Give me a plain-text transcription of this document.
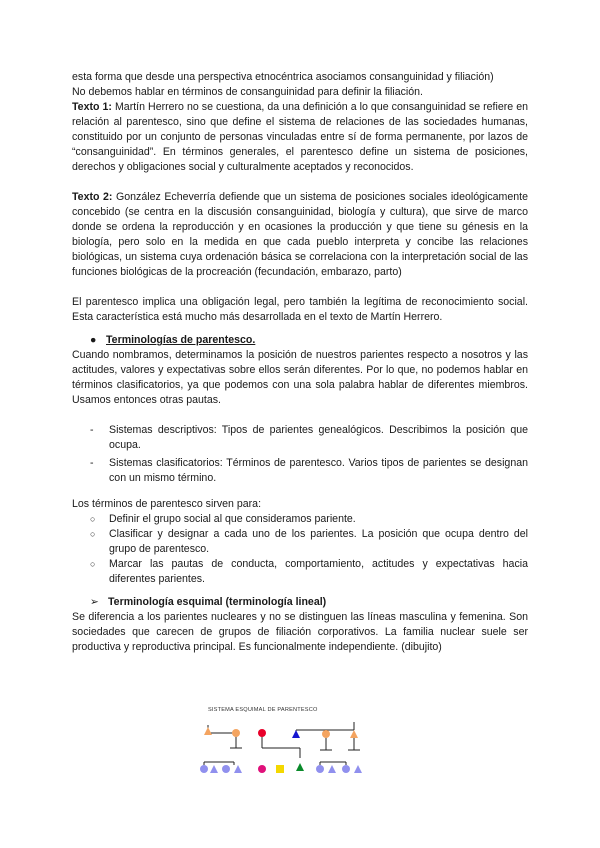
esta forma que desde una perspectiva etnocéntrica asociamos consanguinidad y filiación)

No debemos hablar en términos de consanguinidad para definir la filiación.

Texto 1: Martín Herrero no se cuestiona, da una definición a lo que consanguinidad se refiere en relación al parentesco, sino que define el sistema de relaciones de las sociedades humanas, constituido por un conjunto de personas vinculadas entre sí de forma permanente, por lazos de “consanguinidad”. En términos generales, el parentesco define un sistema de posiciones, derechos y obligaciones social y culturalmente aceptados y reconocidos.

Texto 2: González Echeverría defiende que un sistema de posiciones sociales ideológicamente concebido (se centra en la discusión consanguinidad, biología y cultura), que sirve de marco donde se ordena la reproducción y en ocasiones la producción y que tiene su génesis en la biología, pero solo en la medida en que cada pueblo interpreta y concibe las relaciones biológicas, un sistema cuya ordenación básica se correlaciona con la interpretación social de las funciones biológicas de la procreación (fecundación, embarazo, parto)

El parentesco implica una obligación legal, pero también la legítima de reconocimiento social. Esta característica está mucho más desarrollada en el texto de Martín Herrero.

● Terminologías de parentesco.

Cuando nombramos, determinamos la posición de nuestros parientes respecto a nosotros y las actitudes, valores y expectativas sobre ellos serán diferentes. Por lo que, no podemos hablar en términos clasificatorios, ya que podemos con una sola palabra hablar de diferentes miembros. Usamos entonces otras pautas.

- Sistemas descriptivos: Tipos de parientes genealógicos. Describimos la posición que ocupa.
- Sistemas clasificatorios: Términos de parentesco. Varios tipos de parientes se designan con un mismo término.

Los términos de parentesco sirven para:

○ Definir el grupo social al que consideramos pariente.
○ Clasificar y designar a cada uno de los parientes. La posición que ocupa dentro del grupo de parentesco.
○ Marcar las pautas de conducta, comportamiento, actitudes y expectativas hacia diferentes parientes.

➢ Terminología esquimal (terminología lineal)

Se diferencia a los parientes nucleares y no se distinguen las líneas masculina y femenina. Son sociedades que carecen de grupos de filiación corporativos. La familia nuclear suele ser productiva y reproductiva principal. Es funcionalmente independiente. (dibujito)

SISTEMA ESQUIMAL DE PARENTESCO
